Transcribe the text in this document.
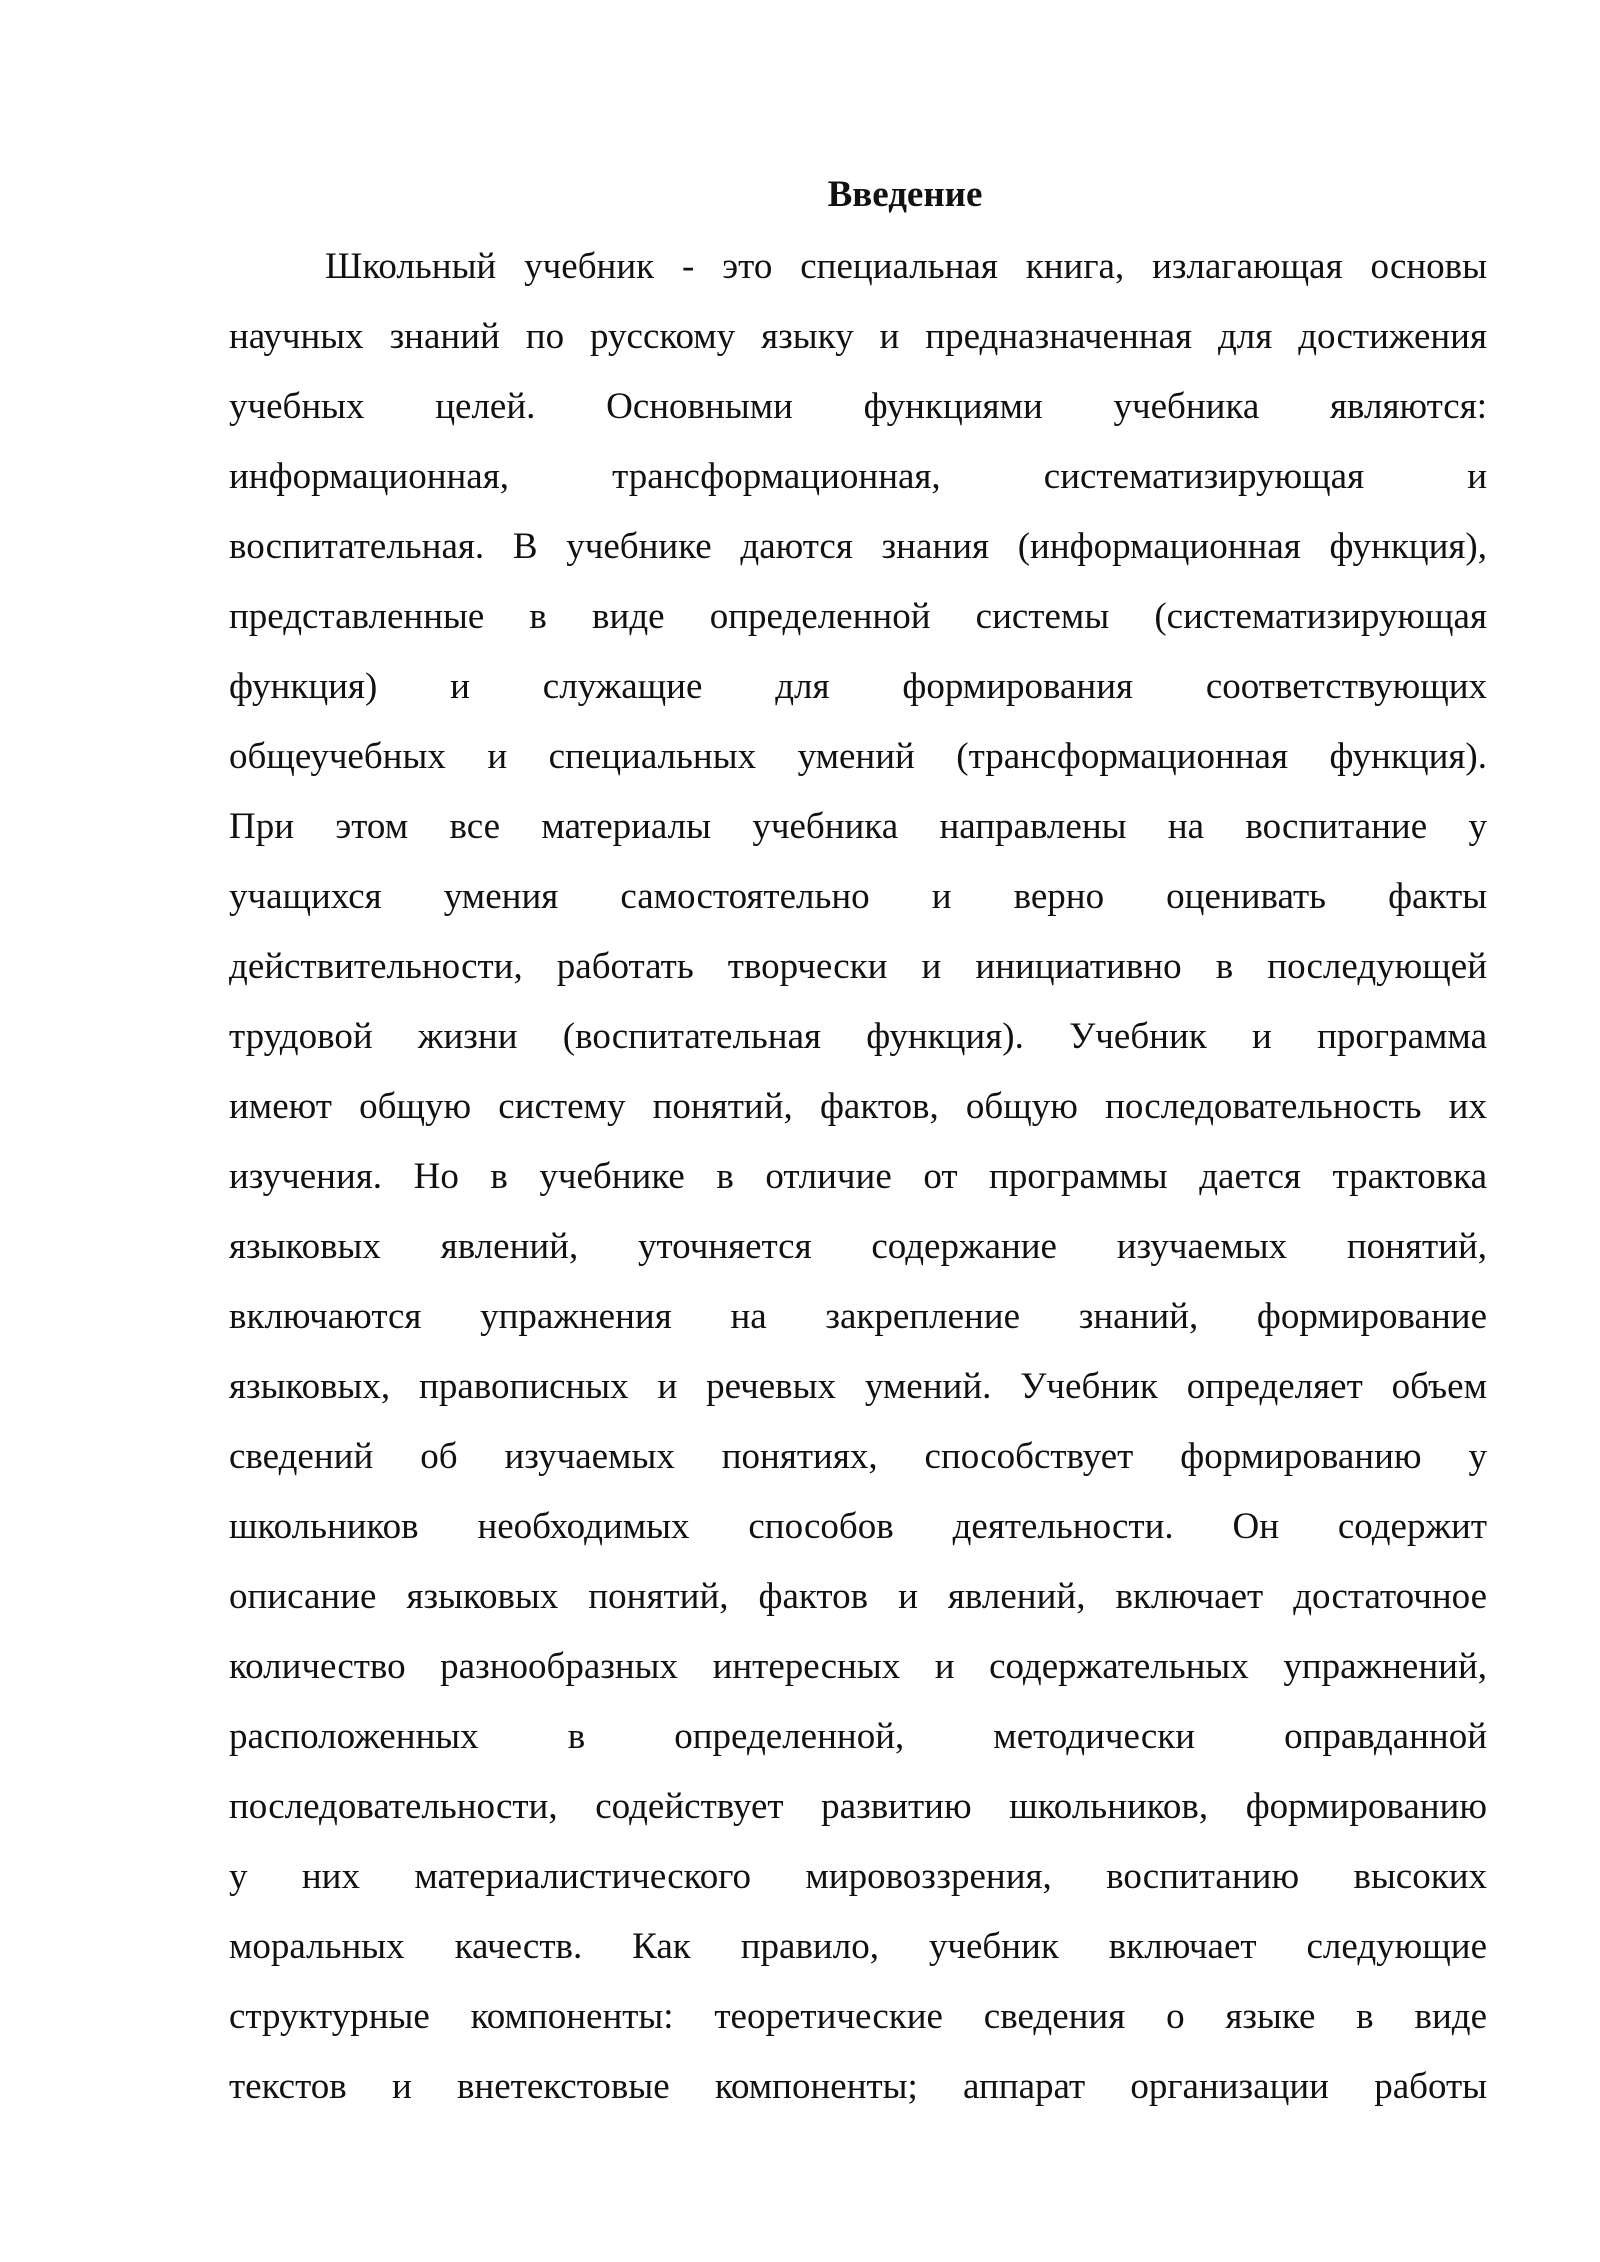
Введение
Школьный учебник - это специальная книга, излагающая основы
научных знаний по русскому языку и предназначенная для достижения
учебных целей. Основными функциями учебника являются:
информационная, трансформационная, систематизирующая и
воспитательная. В учебнике даются знания (информационная функция),
представленные в виде определенной системы (систематизирующая
функция) и служащие для формирования соответствующих
общеучебных и специальных умений (трансформационная функция).
При этом все материалы учебника направлены на воспитание у
учащихся умения самостоятельно и верно оценивать факты
действительности, работать творчески и инициативно в последующей
трудовой жизни (воспитательная функция). Учебник и программа
имеют общую систему понятий, фактов, общую последовательность их
изучения. Но в учебнике в отличие от программы дается трактовка
языковых явлений, уточняется содержание изучаемых понятий,
включаются упражнения на закрепление знаний, формирование
языковых, правописных и речевых умений. Учебник определяет объем
сведений об изучаемых понятиях, способствует формированию у
школьников необходимых способов деятельности. Он содержит
описание языковых понятий, фактов и явлений, включает достаточное
количество разнообразных интересных и содержательных упражнений,
расположенных в определенной, методически оправданной
последовательности, содействует развитию школьников, формированию
у них материалистического мировоззрения, воспитанию высоких
моральных качеств. Как правило, учебник включает следующие
структурные компоненты: теоретические сведения о языке в виде
текстов и внетекстовые компоненты; аппарат организации работы
